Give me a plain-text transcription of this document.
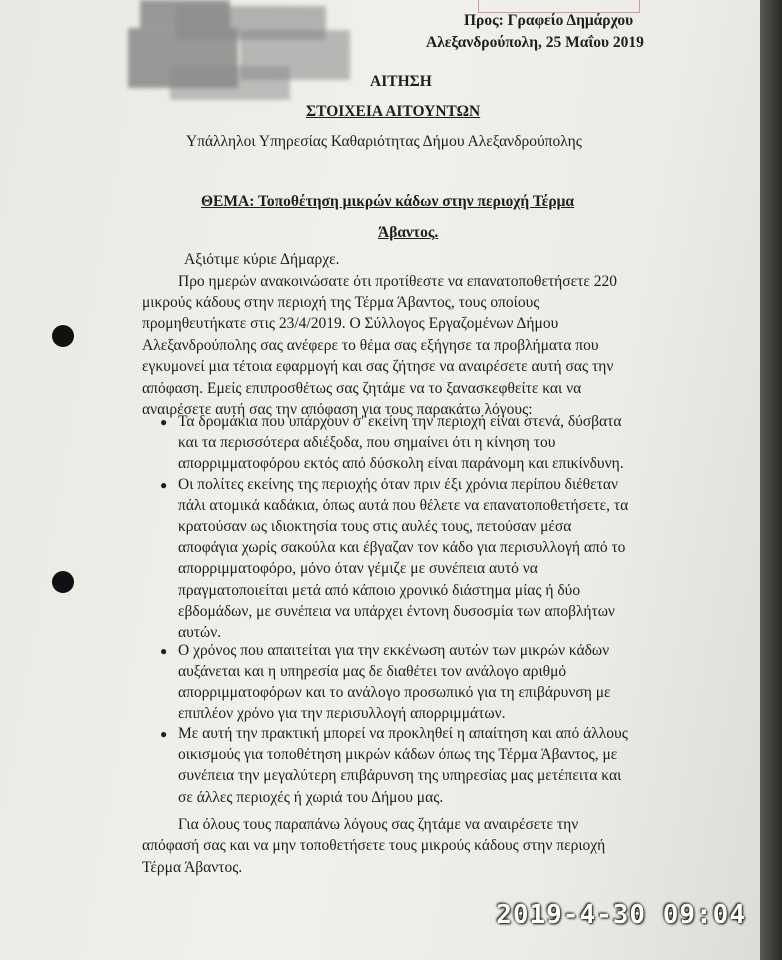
Προς: Γραφείο Δημάρχου
Αλεξανδρούπολη, 25 Μαΐου 2019
ΑΙΤΗΣΗ
ΣΤΟΙΧΕΙΑ ΑΙΤΟΥΝΤΩΝ
Υπάλληλοι Υπηρεσίας Καθαριότητας Δήμου Αλεξανδρούπολης
ΘΕΜΑ: Τοποθέτηση μικρών κάδων στην περιοχή Τέρμα
Άβαντος.
Αξιότιμε κύριε Δήμαρχε.
Προ ημερών ανακοινώσατε ότι προτίθεστε να επανατοποθετήσετε 220
μικρούς κάδους στην περιοχή της Τέρμα Άβαντος, τους οποίους
προμηθευτήκατε στις 23/4/2019. Ο Σύλλογος Εργαζομένων Δήμου
Αλεξανδρούπολης σας ανέφερε το θέμα σας εξήγησε τα προβλήματα που
εγκυμονεί μια τέτοια εφαρμογή και σας ζήτησε να αναιρέσετε αυτή σας την
απόφαση. Εμείς επιπροσθέτως σας ζητάμε να το ξανασκεφθείτε και να
αναιρέσετε αυτή σας την απόφαση για τους παρακάτω λόγους:
● Τα δρομάκια που υπάρχουν σ' εκείνη την περιοχή είναι στενά, δύσβατα
και τα περισσότερα αδιέξοδα, που σημαίνει ότι η κίνηση του
απορριμματοφόρου εκτός από δύσκολη είναι παράνομη και επικίνδυνη.
● Οι πολίτες εκείνης της περιοχής όταν πριν έξι χρόνια περίπου διέθεταν
πάλι ατομικά καδάκια, όπως αυτά που θέλετε να επανατοποθετήσετε, τα
κρατούσαν ως ιδιοκτησία τους στις αυλές τους, πετούσαν μέσα
αποφάγια χωρίς σακούλα και έβγαζαν τον κάδο για περισυλλογή από το
απορριμματοφόρο, μόνο όταν γέμιζε με συνέπεια αυτό να
πραγματοποιείται μετά από κάποιο χρονικό διάστημα μίας ή δύο
εβδομάδων, με συνέπεια να υπάρχει έντονη δυσοσμία των αποβλήτων
αυτών.
● Ο χρόνος που απαιτείται για την εκκένωση αυτών των μικρών κάδων
αυξάνεται και η υπηρεσία μας δε διαθέτει τον ανάλογο αριθμό
απορριμματοφόρων και το ανάλογο προσωπικό για τη επιβάρυνση με
επιπλέον χρόνο για την περισυλλογή απορριμμάτων.
● Με αυτή την πρακτική μπορεί να προκληθεί η απαίτηση και από άλλους
οικισμούς για τοποθέτηση μικρών κάδων όπως της Τέρμα Άβαντος, με
συνέπεια την μεγαλύτερη επιβάρυνση της υπηρεσίας μας μετέπειτα και
σε άλλες περιοχές ή χωριά του Δήμου μας.
Για όλους τους παραπάνω λόγους σας ζητάμε να αναιρέσετε την
απόφασή σας και να μην τοποθετήσετε τους μικρούς κάδους στην περιοχή
Τέρμα Άβαντος.
2019-4-30 09:04
